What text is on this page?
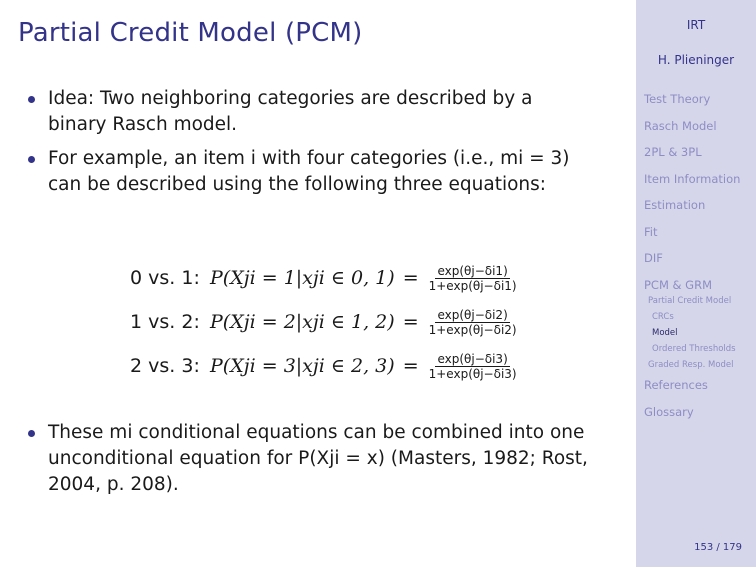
Partial Credit Model (PCM)
Idea: Two neighboring categories are described by a binary Rasch model.
For example, an item i with four categories (i.e., mi = 3) can be described using the following three equations:
0 vs. 1: P(Xji = 1|xji ∈ 0, $1) = \frac{\exp(\theta j-\delta i1)}{1+\exp(\theta j-\delta i1)}$
1 vs. 2: P(Xji = 2|xji ∈ 1, $2) = \frac{\exp(\theta j-\delta i2)}{1+\exp(\theta j-\delta i2)}$
2 vs. 3: P(Xji = 3|xji ∈ 2, $3) = \frac{\exp(\theta j-\delta i3)}{1+\exp(\theta j-\delta i3)}$
These mi conditional equations can be combined into one unconditional equation for P(Xji = x) (Masters, 1982; Rost, 2004, p. 208).
IRT
H. Plieninger
Test Theory
Rasch Model
2PL & 3PL
Item Information
Estimation
Fit
DIF
PCM & GRM
Partial Credit Model
CRCs
Model
Ordered Thresholds
Graded Resp. Model
References
Glossary
153 / 179
